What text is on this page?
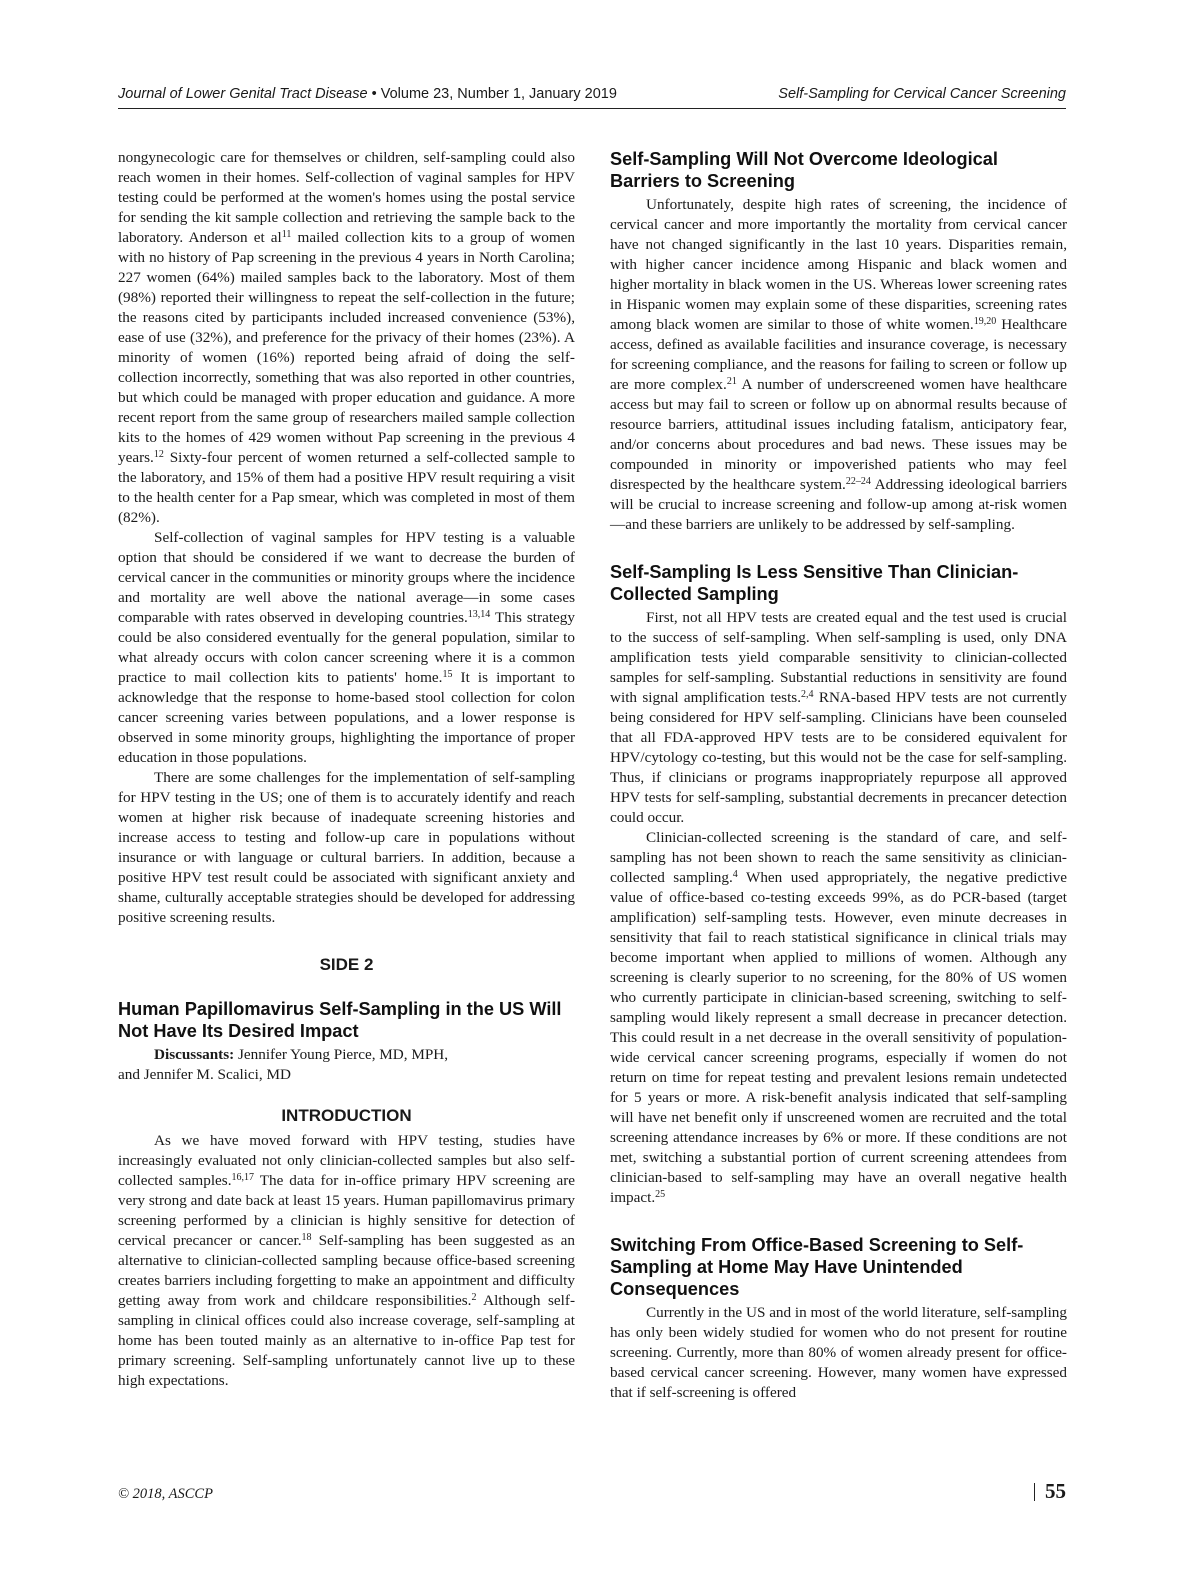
Journal of Lower Genital Tract Disease • Volume 23, Number 1, January 2019	Self-Sampling for Cervical Cancer Screening

nongynecologic care for themselves or children, self-sampling could also reach women in their homes. Self-collection of vaginal samples for HPV testing could be performed at the women's homes using the postal service for sending the kit sample collection and retrieving the sample back to the laboratory. Anderson et $al^{11}$ mailed collection kits to a group of women with no history of Pap screening in the previous 4 years in North Carolina; 227 women (64%) mailed samples back to the laboratory. Most of them (98%) reported their willingness to repeat the self-collection in the future; the reasons cited by participants included increased convenience (53%), ease of use (32%), and preference for the privacy of their homes (23%). A minority of women (16%) reported being afraid of doing the self-collection incorrectly, something that was also reported in other countries, but which could be managed with proper education and guidance. A more recent report from the same group of researchers mailed sample collection kits to the homes of 429 women without Pap screening in the previous 4 years.$^{12}$ Sixty-four percent of women returned a self-collected sample to the laboratory, and 15% of them had a positive HPV result requiring a visit to the health center for a Pap smear, which was completed in most of them (82%).

Self-collection of vaginal samples for HPV testing is a valuable option that should be considered if we want to decrease the burden of cervical cancer in the communities or minority groups where the incidence and mortality are well above the national average—in some cases comparable with rates observed in developing countries.$^{13,14}$ This strategy could be also considered eventually for the general population, similar to what already occurs with colon cancer screening where it is a common practice to mail collection kits to patients' home.$^{15}$ It is important to acknowledge that the response to home-based stool collection for colon cancer screening varies between populations, and a lower response is observed in some minority groups, highlighting the importance of proper education in those populations.

There are some challenges for the implementation of self-sampling for HPV testing in the US; one of them is to accurately identify and reach women at higher risk because of inadequate screening histories and increase access to testing and follow-up care in populations without insurance or with language or cultural barriers. In addition, because a positive HPV test result could be associated with significant anxiety and shame, culturally acceptable strategies should be developed for addressing positive screening results.

SIDE 2
Human Papillomavirus Self-Sampling in the US Will Not Have Its Desired Impact

Discussants: Jennifer Young Pierce, MD, MPH,

and Jennifer M. Scalici, MD

INTRODUCTION

As we have moved forward with HPV testing, studies have increasingly evaluated not only clinician-collected samples but also self-collected samples.$^{16,17}$ The data for in-office primary HPV screening are very strong and date back at least 15 years. Human papillomavirus primary screening performed by a clinician is highly sensitive for detection of cervical precancer or cancer.$^{18}$ Self-sampling has been suggested as an alternative to clinician-collected sampling because office-based screening creates barriers including forgetting to make an appointment and difficulty getting away from work and childcare responsibilities.$^2$ Although self-sampling in clinical offices could also increase coverage, self-sampling at home has been touted mainly as an alternative to in-office Pap test for primary screening. Self-sampling unfortunately cannot live up to these high expectations.

Self-Sampling Will Not Overcome Ideological Barriers to Screening

Unfortunately, despite high rates of screening, the incidence of cervical cancer and more importantly the mortality from cervical cancer have not changed significantly in the last 10 years. Disparities remain, with higher cancer incidence among Hispanic and black women and higher mortality in black women in the US. Whereas lower screening rates in Hispanic women may explain some of these disparities, screening rates among black women are similar to those of white women.$^{19,20}$ Healthcare access, defined as available facilities and insurance coverage, is necessary for screening compliance, and the reasons for failing to screen or follow up are more complex.$^{21}$ A number of underscreened women have healthcare access but may fail to screen or follow up on abnormal results because of resource barriers, attitudinal issues including fatalism, anticipatory fear, and/or concerns about procedures and bad news. These issues may be compounded in minority or impoverished patients who may feel disrespected by the healthcare system.$^{22-24}$ Addressing ideological barriers will be crucial to increase screening and follow-up among at-risk women—and these barriers are unlikely to be addressed by self-sampling.

Self-Sampling Is Less Sensitive Than Clinician-Collected Sampling

First, not all HPV tests are created equal and the test used is crucial to the success of self-sampling. When self-sampling is used, only DNA amplification tests yield comparable sensitivity to clinician-collected samples for self-sampling. Substantial reductions in sensitivity are found with signal amplification tests.$^{2,4}$ RNA-based HPV tests are not currently being considered for HPV self-sampling. Clinicians have been counseled that all FDA-approved HPV tests are to be considered equivalent for HPV/cytology co-testing, but this would not be the case for self-sampling. Thus, if clinicians or programs inappropriately repurpose all approved HPV tests for self-sampling, substantial decrements in precancer detection could occur.

Clinician-collected screening is the standard of care, and self-sampling has not been shown to reach the same sensitivity as clinician-collected sampling.$^4$ When used appropriately, the negative predictive value of office-based co-testing exceeds 99%, as do PCR-based (target amplification) self-sampling tests. However, even minute decreases in sensitivity that fail to reach statistical significance in clinical trials may become important when applied to millions of women. Although any screening is clearly superior to no screening, for the 80% of US women who currently participate in clinician-based screening, switching to self-sampling would likely represent a small decrease in precancer detection. This could result in a net decrease in the overall sensitivity of population-wide cervical cancer screening programs, especially if women do not return on time for repeat testing and prevalent lesions remain undetected for 5 years or more. A risk-benefit analysis indicated that self-sampling will have net benefit only if unscreened women are recruited and the total screening attendance increases by 6% or more. If these conditions are not met, switching a substantial portion of current screening attendees from clinician-based to self-sampling may have an overall negative health impact.$^{25}$

Switching From Office-Based Screening to Self-Sampling at Home May Have Unintended Consequences

Currently in the US and in most of the world literature, self-sampling has only been widely studied for women who do not present for routine screening. Currently, more than 80% of women already present for office-based cervical cancer screening. However, many women have expressed that if self-screening is offered

© 2018, ASCCP	55
